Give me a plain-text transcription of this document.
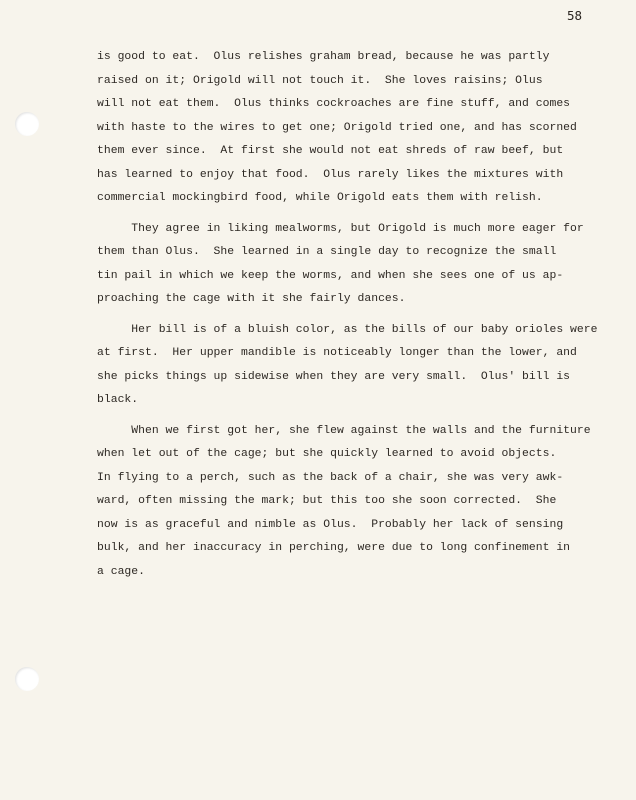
58
is good to eat.  Olus relishes graham bread, because he was partly
raised on it; Origold will not touch it.  She loves raisins; Olus
will not eat them.  Olus thinks cockroaches are fine stuff, and comes
with haste to the wires to get one; Origold tried one, and has scorned
them ever since.  At first she would not eat shreds of raw beef, but
has learned to enjoy that food.  Olus rarely likes the mixtures with
commercial mockingbird food, while Origold eats them with relish.
They agree in liking mealworms, but Origold is much more eager for
them than Olus.  She learned in a single day to recognize the small
tin pail in which we keep the worms, and when she sees one of us ap-
proaching the cage with it she fairly dances.
Her bill is of a bluish color, as the bills of our baby orioles were
at first.  Her upper mandible is noticeably longer than the lower, and
she picks things up sidewise when they are very small.  Olus' bill is
black.
When we first got her, she flew against the walls and the furniture
when let out of the cage; but she quickly learned to avoid objects.
In flying to a perch, such as the back of a chair, she was very awk-
ward, often missing the mark; but this too she soon corrected.  She
now is as graceful and nimble as Olus.  Probably her lack of sensing
bulk, and her inaccuracy in perching, were due to long confinement in
a cage.
